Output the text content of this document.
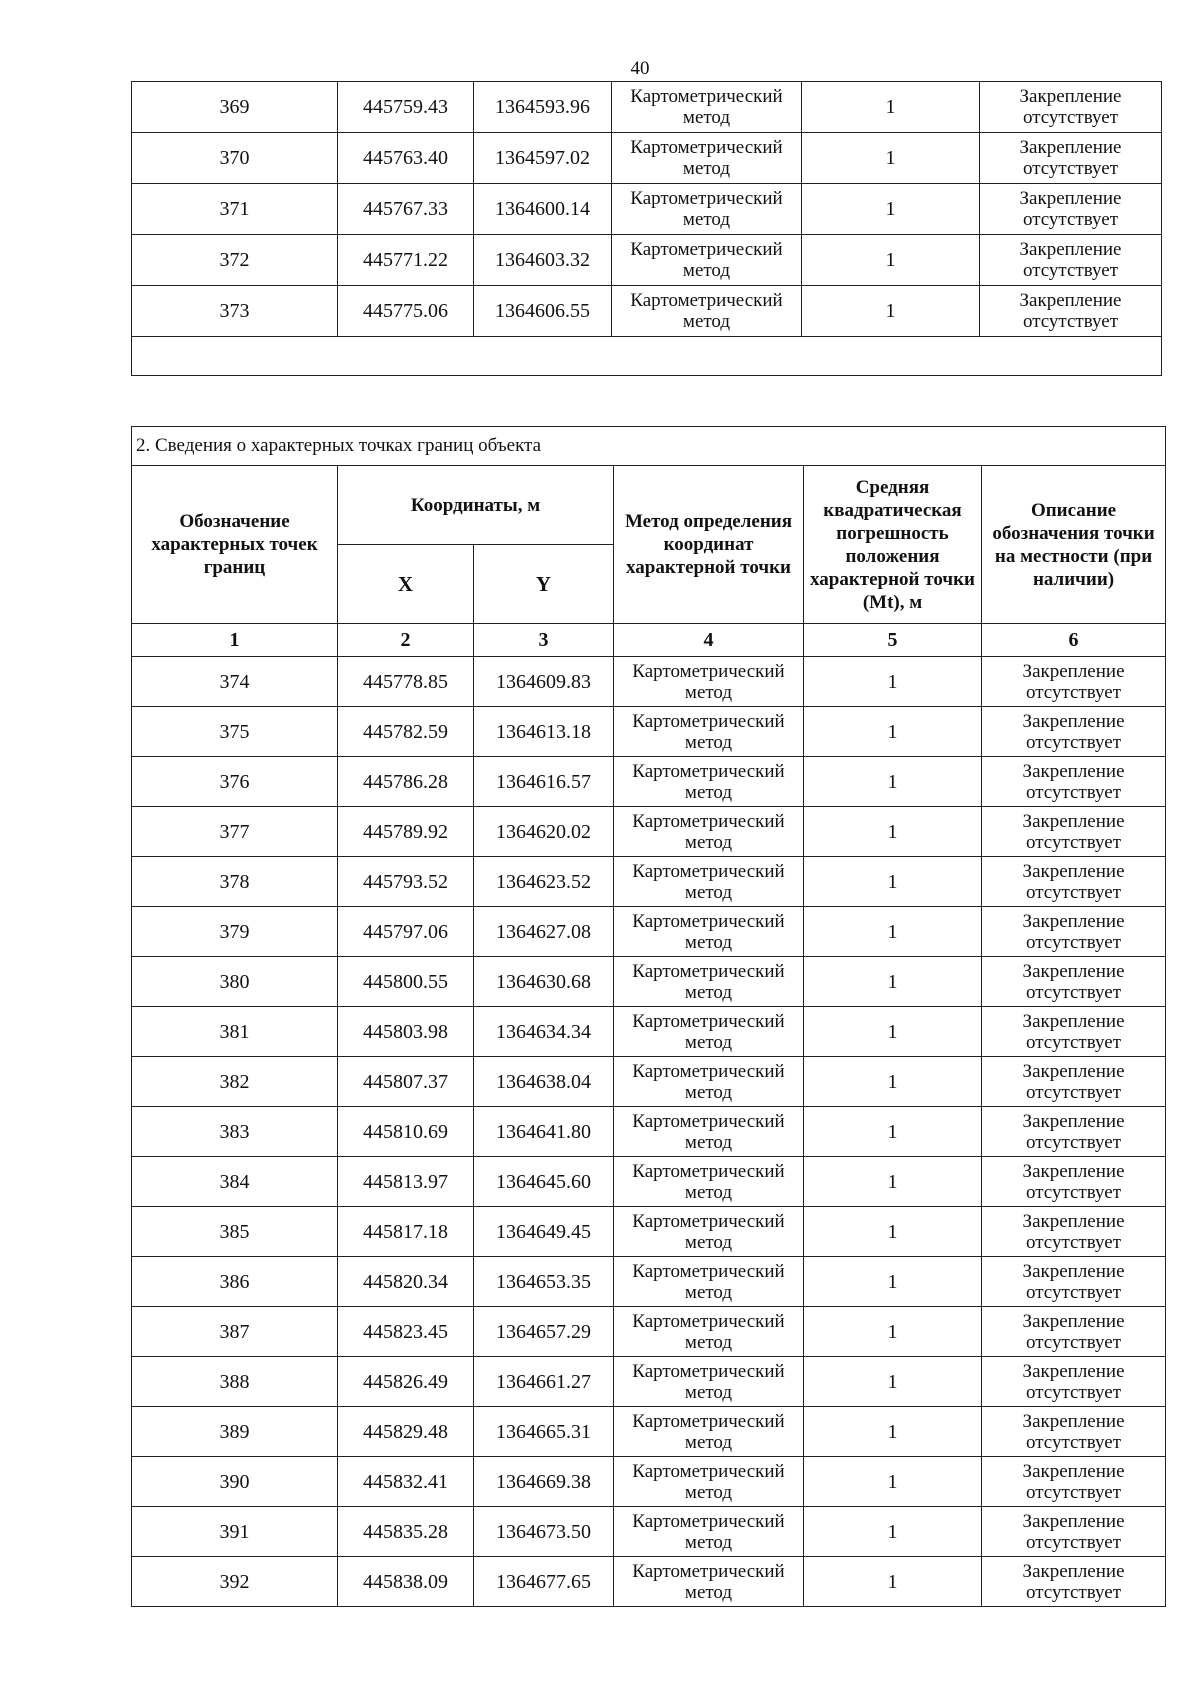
40
369	445759.43	1364593.96	Картометрический метод	1	Закрепление отсутствует
370	445763.40	1364597.02	Картометрический метод	1	Закрепление отсутствует
371	445767.33	1364600.14	Картометрический метод	1	Закрепление отсутствует
372	445771.22	1364603.32	Картометрический метод	1	Закрепление отсутствует
373	445775.06	1364606.55	Картометрический метод	1	Закрепление отсутствует

2. Сведения о характерных точках границ объекта					
Обозначение характерных точек границ	Координаты, м		Метод определения координат характерной точки	Средняя квадратическая погрешность положения характерной точки (Mt), м	Описание обозначения точки на местности (при наличии)
	X	Y			
1	2	3	4	5	6
374	445778.85	1364609.83	Картометрический метод	1	Закрепление отсутствует
375	445782.59	1364613.18	Картометрический метод	1	Закрепление отсутствует
376	445786.28	1364616.57	Картометрический метод	1	Закрепление отсутствует
377	445789.92	1364620.02	Картометрический метод	1	Закрепление отсутствует
378	445793.52	1364623.52	Картометрический метод	1	Закрепление отсутствует
379	445797.06	1364627.08	Картометрический метод	1	Закрепление отсутствует
380	445800.55	1364630.68	Картометрический метод	1	Закрепление отсутствует
381	445803.98	1364634.34	Картометрический метод	1	Закрепление отсутствует
382	445807.37	1364638.04	Картометрический метод	1	Закрепление отсутствует
383	445810.69	1364641.80	Картометрический метод	1	Закрепление отсутствует
384	445813.97	1364645.60	Картометрический метод	1	Закрепление отсутствует
385	445817.18	1364649.45	Картометрический метод	1	Закрепление отсутствует
386	445820.34	1364653.35	Картометрический метод	1	Закрепление отсутствует
387	445823.45	1364657.29	Картометрический метод	1	Закрепление отсутствует
388	445826.49	1364661.27	Картометрический метод	1	Закрепление отсутствует
389	445829.48	1364665.31	Картометрический метод	1	Закрепление отсутствует
390	445832.41	1364669.38	Картометрический метод	1	Закрепление отсутствует
391	445835.28	1364673.50	Картометрический метод	1	Закрепление отсутствует
392	445838.09	1364677.65	Картометрический метод	1	Закрепление отсутствует
